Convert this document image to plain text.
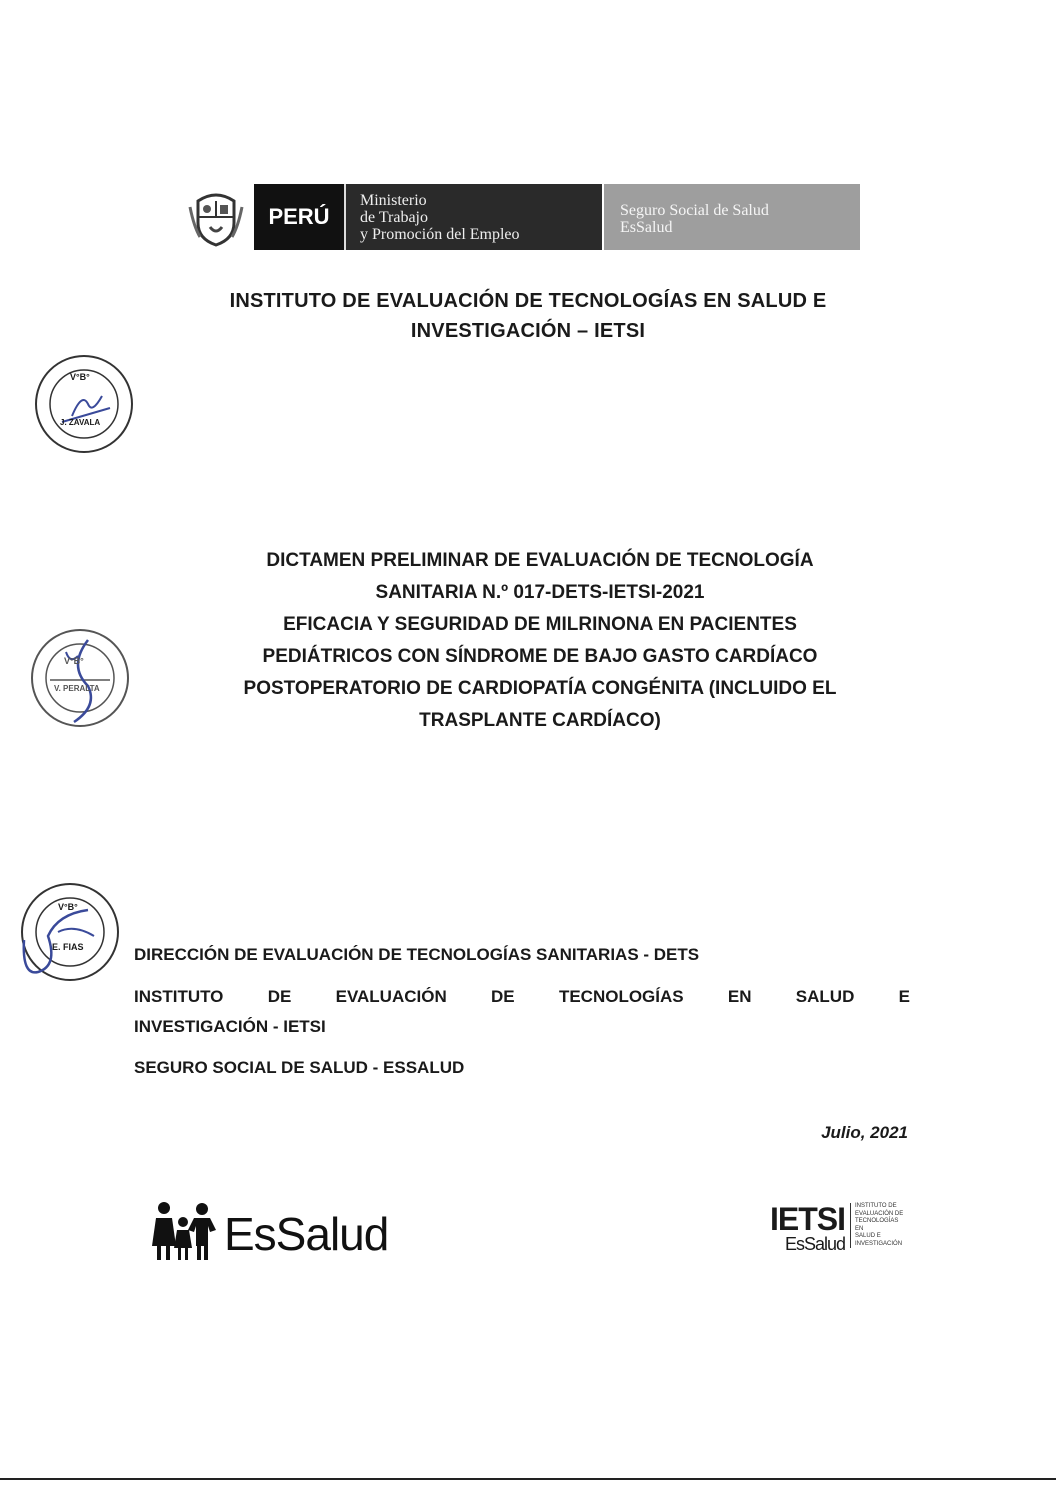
PERÚ
Ministerio
de Trabajo
y Promoción del Empleo
Seguro Social de Salud
EsSalud
INSTITUTO DE EVALUACIÓN DE TECNOLOGÍAS EN SALUD E
INVESTIGACIÓN – IETSI
V°B°
J. ZAVALA
V°B°
V. PERALTA
V°B°
E. FIAS
DICTAMEN PRELIMINAR DE EVALUACIÓN DE TECNOLOGÍA
SANITARIA N.º 017-DETS-IETSI-2021
EFICACIA Y SEGURIDAD DE MILRINONA EN PACIENTES
PEDIÁTRICOS CON SÍNDROME DE BAJO GASTO CARDÍACO
POSTOPERATORIO DE CARDIOPATÍA CONGÉNITA (INCLUIDO EL
TRASPLANTE CARDÍACO)
DIRECCIÓN DE EVALUACIÓN DE TECNOLOGÍAS SANITARIAS - DETS
INSTITUTO	DE	EVALUACIÓN	DE	TECNOLOGÍAS	EN	SALUD	E
INVESTIGACIÓN - IETSI
SEGURO SOCIAL DE SALUD - ESSALUD
Julio, 2021
EsSalud	IETSI
EsSalud
INSTITUTO DE
EVALUACIÓN DE
TECNOLOGÍAS EN
SALUD E
INVESTIGACIÓN
